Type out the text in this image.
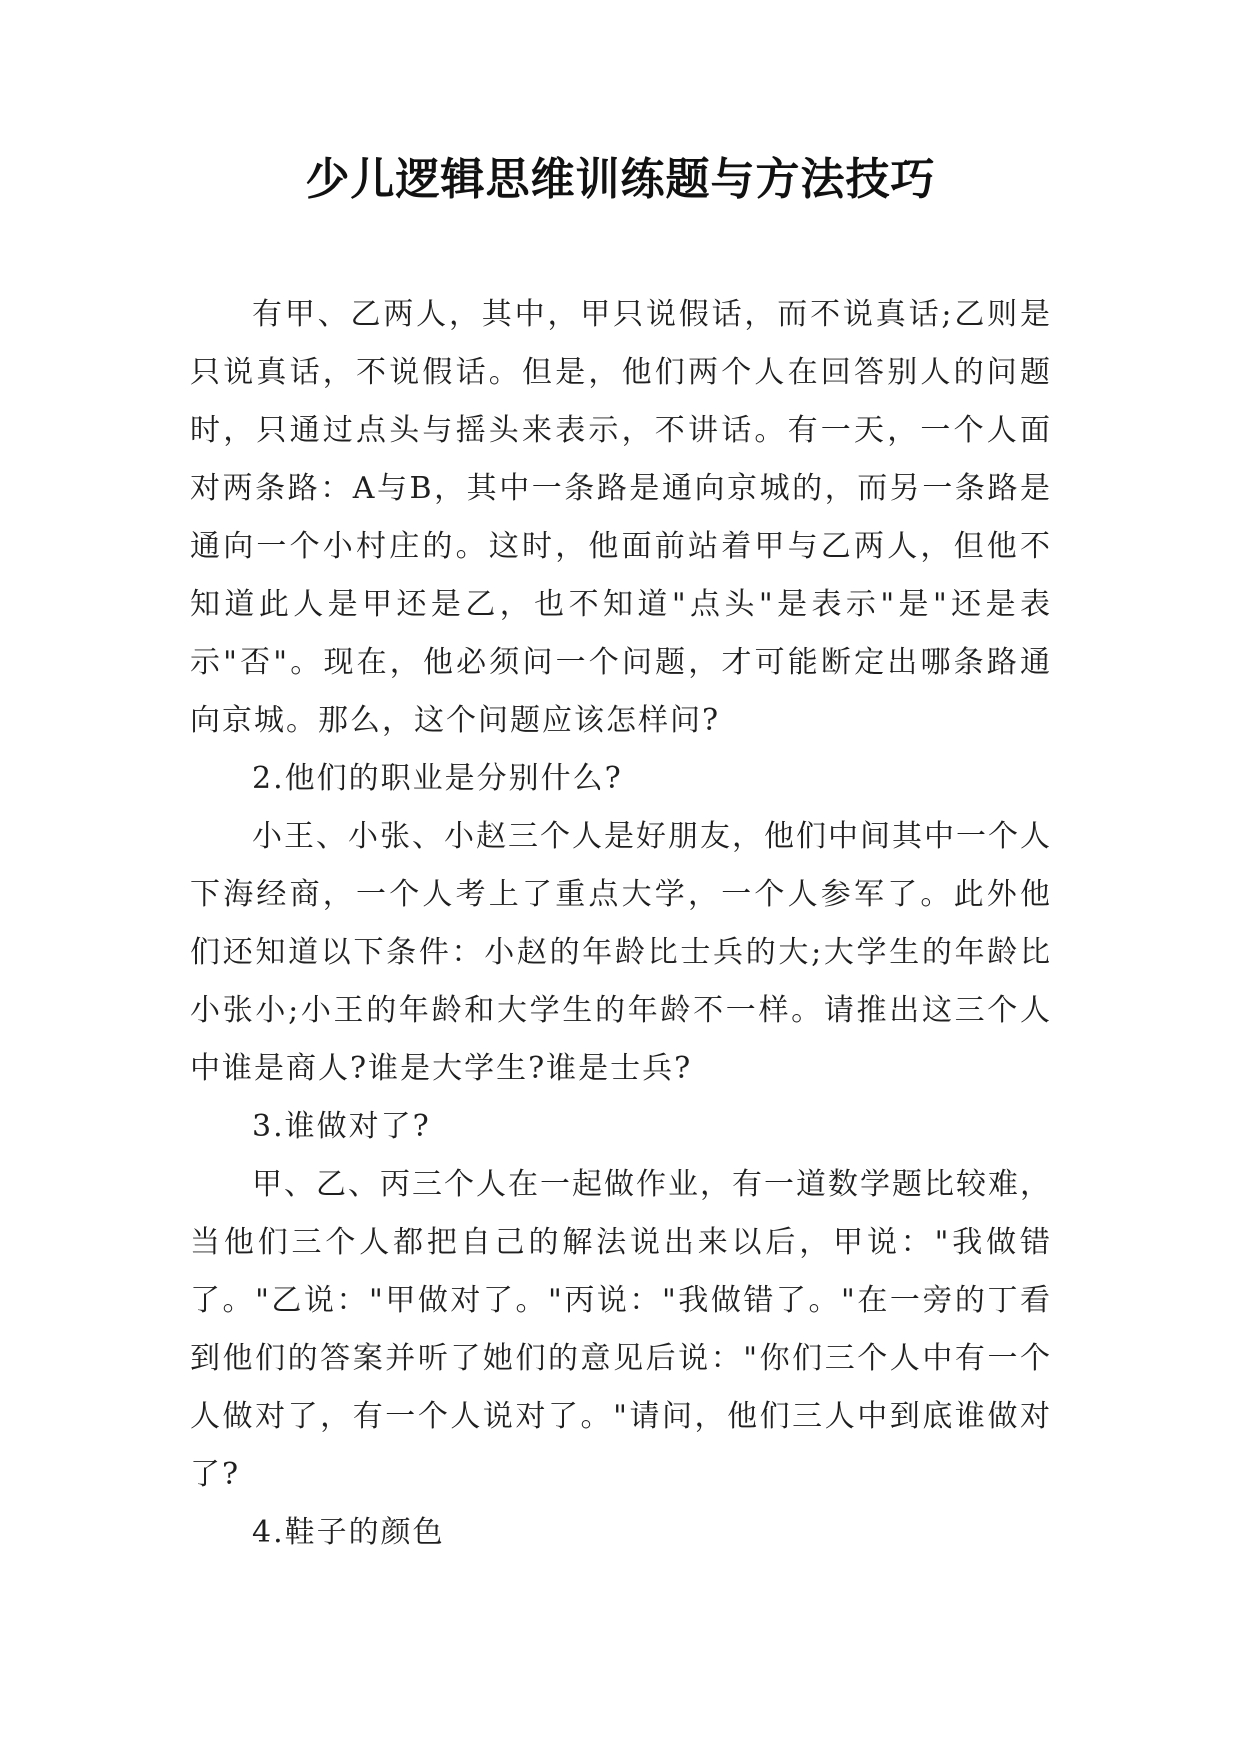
少儿逻辑思维训练题与方法技巧

有甲、乙两人，其中，甲只说假话，而不说真话;乙则是只说真话，不说假话。但是，他们两个人在回答别人的问题时，只通过点头与摇头来表示，不讲话。有一天，一个人面对两条路：A与B，其中一条路是通向京城的，而另一条路是通向一个小村庄的。这时，他面前站着甲与乙两人，但他不知道此人是甲还是乙，也不知道"点头"是表示"是"还是表示"否"。现在，他必须问一个问题，才可能断定出哪条路通向京城。那么，这个问题应该怎样问?

2.他们的职业是分别什么?

小王、小张、小赵三个人是好朋友，他们中间其中一个人下海经商，一个人考上了重点大学，一个人参军了。此外他们还知道以下条件：小赵的年龄比士兵的大;大学生的年龄比小张小;小王的年龄和大学生的年龄不一样。请推出这三个人中谁是商人?谁是大学生?谁是士兵?

3.谁做对了?

甲、乙、丙三个人在一起做作业，有一道数学题比较难，当他们三个人都把自己的解法说出来以后，甲说："我做错了。"乙说："甲做对了。"丙说："我做错了。"在一旁的丁看到他们的答案并听了她们的意见后说："你们三个人中有一个人做对了，有一个人说对了。"请问，他们三人中到底谁做对了?

4.鞋子的颜色
